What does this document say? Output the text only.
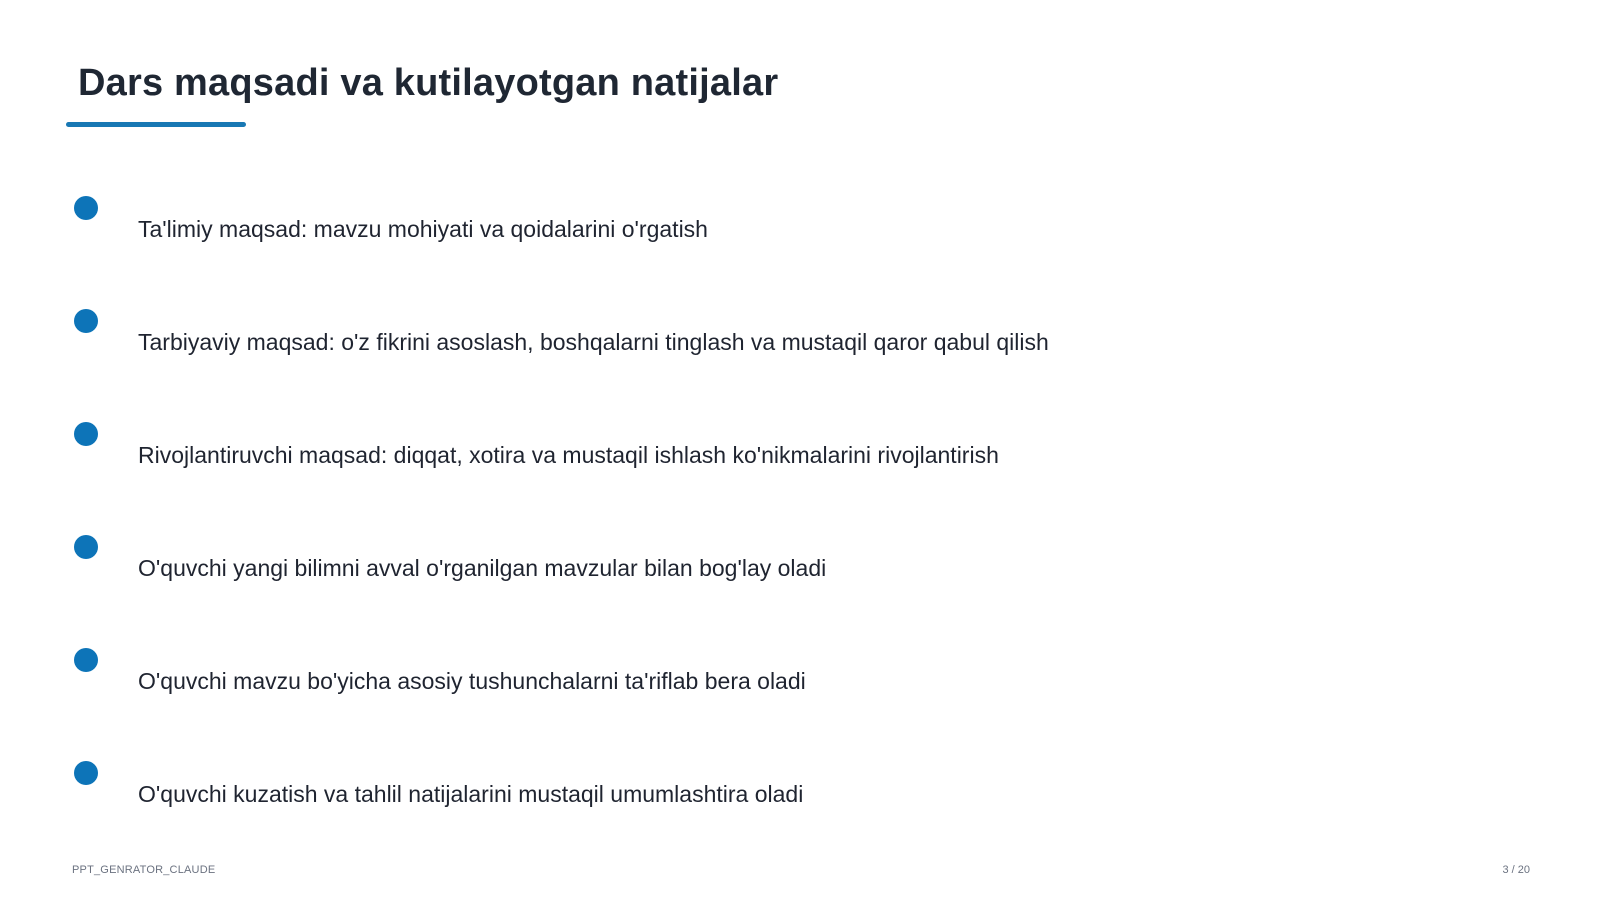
Dars maqsadi va kutilayotgan natijalar
Ta'limiy maqsad: mavzu mohiyati va qoidalarini o'rgatish
Tarbiyaviy maqsad: o'z fikrini asoslash, boshqalarni tinglash va mustaqil qaror qabul qilish
Rivojlantiruvchi maqsad: diqqat, xotira va mustaqil ishlash ko'nikmalarini rivojlantirish
O'quvchi yangi bilimni avval o'rganilgan mavzular bilan bog'lay oladi
O'quvchi mavzu bo'yicha asosiy tushunchalarni ta'riflab bera oladi
O'quvchi kuzatish va tahlil natijalarini mustaqil umumlashtira oladi
PPT_GENRATOR_CLAUDE	3 / 20
